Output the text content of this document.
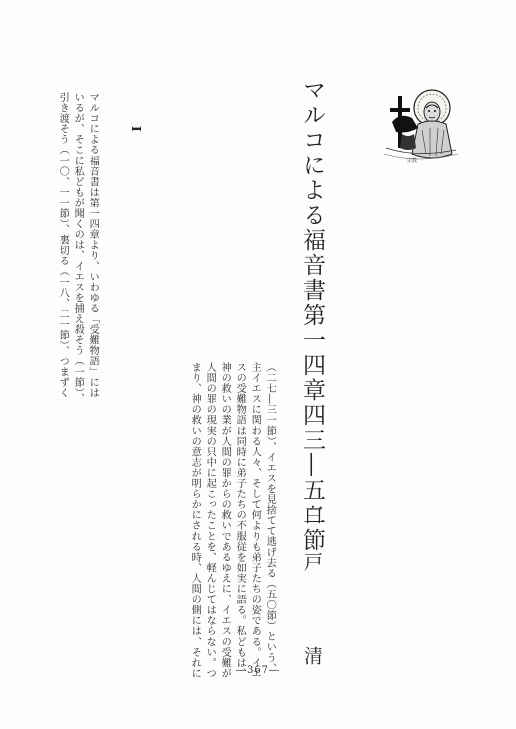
宗教
マルコによる福音書第一四章四三―五二節
白戸　清
I
マルコによる福音書は第一四章より、いわゆる「受難物語」には
いるが、そこに私どもが聞くのは、イエスを捕え殺そう（一節）、
引き渡そう（一〇、一一節）、裏切る（一八、二一節）、つまずく
（二七―三一節）、イエスを見捨てて逃げ去る（五〇節）という、
主イエスに関わる人々、そして何よりも弟子たちの姿である。イエ
スの受難物語は同時に弟子たちの不服従を如実に語る。私どもは、
神の救いの業が人間の罪からの救いであるゆえに、イエスの受難が
人間の罪の現実の只中に起こったことを、軽んじてはならない。つ
まり、神の救いの意志が明らかにされる時、人間の側には、それに	―367―
